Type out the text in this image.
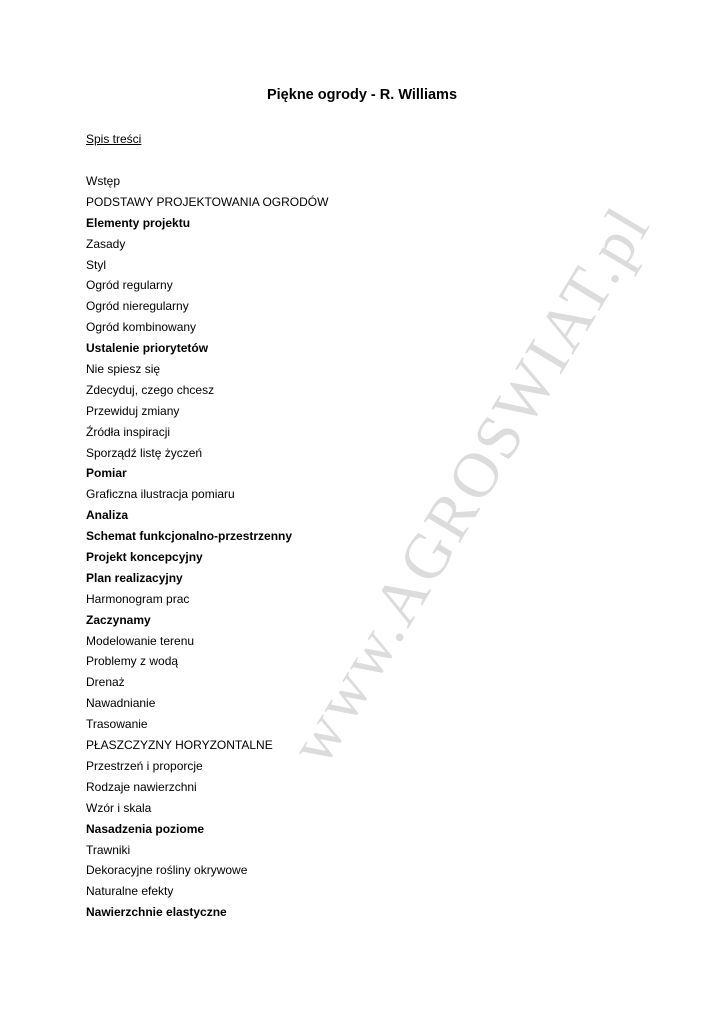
Piękne ogrody - R. Williams
Spis treści
Wstęp
PODSTAWY PROJEKTOWANIA OGRODÓW
Elementy projektu
Zasady
Styl
Ogród regularny
Ogród nieregularny
Ogród kombinowany
Ustalenie priorytetów
Nie spiesz się
Zdecyduj, czego chcesz
Przewiduj zmiany
Źródła inspiracji
Sporządź listę życzeń
Pomiar
Graficzna ilustracja pomiaru
Analiza
Schemat funkcjonalno-przestrzenny
Projekt koncepcyjny
Plan realizacyjny
Harmonogram prac
Zaczynamy
Modelowanie terenu
Problemy z wodą
Drenaż
Nawadnianie
Trasowanie
PŁASZCZYZNY HORYZONTALNE
Przestrzeń i proporcje
Rodzaje nawierzchni
Wzór i skala
Nasadzenia poziome
Trawniki
Dekoracyjne rośliny okrywowe
Naturalne efekty
Nawierzchnie elastyczne
www.AGROSWIAT.pl
